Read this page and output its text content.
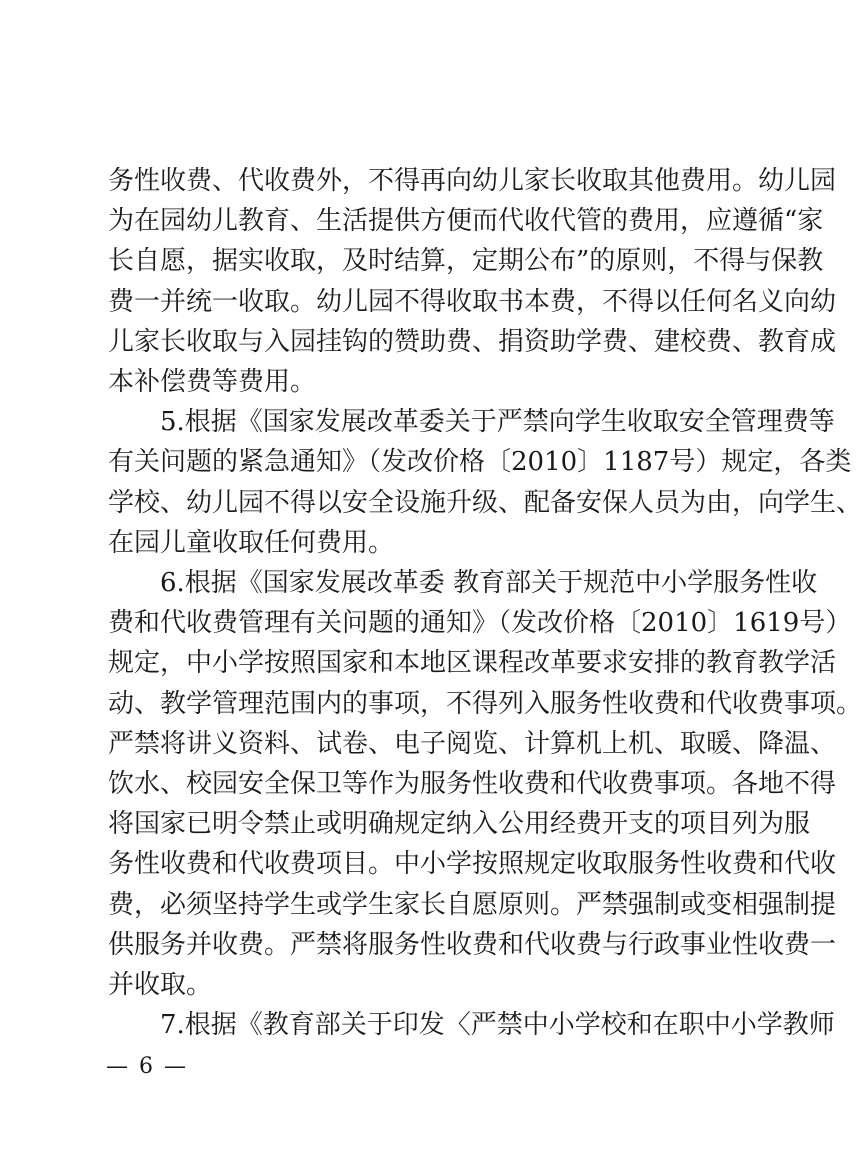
务性收费、代收费外，不得再向幼儿家长收取其他费用。幼儿园
为在园幼儿教育、生活提供方便而代收代管的费用，应遵循“家
长自愿，据实收取，及时结算，定期公布”的原则，不得与保教
费一并统一收取。幼儿园不得收取书本费，不得以任何名义向幼
儿家长收取与入园挂钩的赞助费、捐资助学费、建校费、教育成
本补偿费等费用。
5.根据《国家发展改革委关于严禁向学生收取安全管理费等
有关问题的紧急通知》（发改价格〔2010〕1187号）规定，各类
学校、幼儿园不得以安全设施升级、配备安保人员为由，向学生、
在园儿童收取任何费用。
6.根据《国家发展改革委 教育部关于规范中小学服务性收
费和代收费管理有关问题的通知》（发改价格〔2010〕1619号）
规定，中小学按照国家和本地区课程改革要求安排的教育教学活
动、教学管理范围内的事项，不得列入服务性收费和代收费事项。
严禁将讲义资料、试卷、电子阅览、计算机上机、取暖、降温、
饮水、校园安全保卫等作为服务性收费和代收费事项。各地不得
将国家已明令禁止或明确规定纳入公用经费开支的项目列为服
务性收费和代收费项目。中小学按照规定收取服务性收费和代收
费，必须坚持学生或学生家长自愿原则。严禁强制或变相强制提
供服务并收费。严禁将服务性收费和代收费与行政事业性收费一
并收取。
7.根据《教育部关于印发〈严禁中小学校和在职中小学教师
— 6 —
